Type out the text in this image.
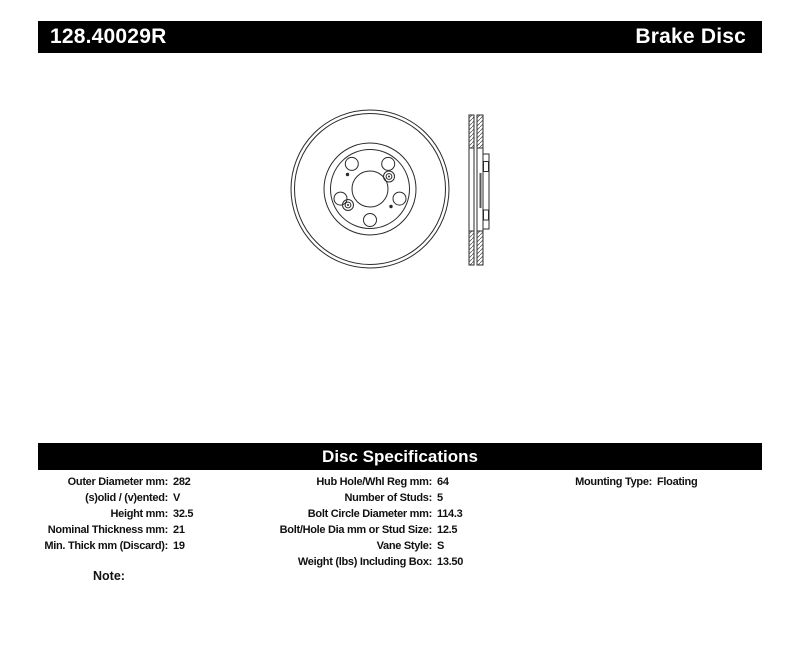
128.40029R	Brake Disc
Disc Specifications
Outer Diameter mm: 282
(s)olid / (v)ented: V
Height mm: 32.5
Nominal Thickness mm: 21
Min. Thick mm (Discard): 19
Hub Hole/Whl Reg mm: 64
Number of Studs: 5
Bolt Circle Diameter mm: 114.3
Bolt/Hole Dia mm or Stud Size: 12.5
Vane Style: S
Weight (lbs) Including Box: 13.50
Mounting Type: Floating
Note:
